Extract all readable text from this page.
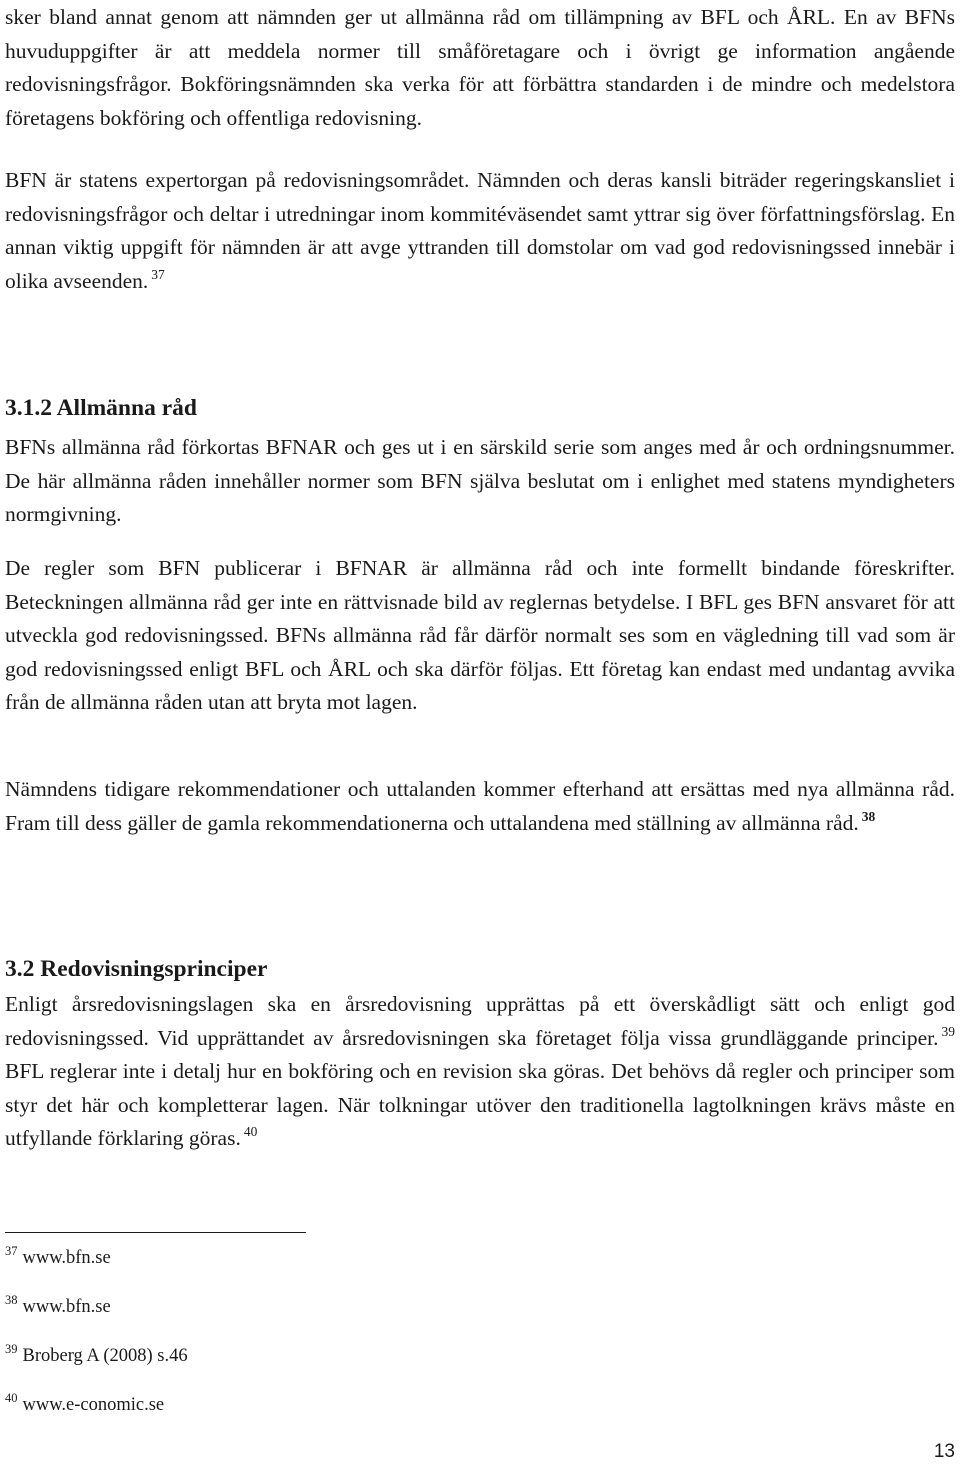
sker bland annat genom att nämnden ger ut allmänna råd om tillämpning av BFL och ÅRL. En av BFNs huvuduppgifter är att meddela normer till småföretagare och i övrigt ge information angående redovisningsfrågor. Bokföringsnämnden ska verka för att förbättra standarden i de mindre och medelstora företagens bokföring och offentliga redovisning.

BFN är statens expertorgan på redovisningsområdet. Nämnden och deras kansli biträder regeringskansliet i redovisningsfrågor och deltar i utredningar inom kommitéväsendet samt yttrar sig över författningsförslag. En annan viktig uppgift för nämnden är att avge yttranden till domstolar om vad god redovisningssed innebär i olika avseenden. $^{37}$

3.1.2 Allmänna råd

BFNs allmänna råd förkortas BFNAR och ges ut i en särskild serie som anges med år och ordningsnummer. De här allmänna råden innehåller normer som BFN själva beslutat om i enlighet med statens myndigheters normgivning.

De regler som BFN publicerar i BFNAR är allmänna råd och inte formellt bindande föreskrifter. Beteckningen allmänna råd ger inte en rättvisnade bild av reglernas betydelse. I BFL ges BFN ansvaret för att utveckla god redovisningssed. BFNs allmänna råd får därför normalt ses som en vägledning till vad som är god redovisningssed enligt BFL och ÅRL och ska därför följas. Ett företag kan endast med undantag avvika från de allmänna råden utan att bryta mot lagen.

Nämndens tidigare rekommendationer och uttalanden kommer efterhand att ersättas med nya allmänna råd. Fram till dess gäller de gamla rekommendationerna och uttalandena med ställning av allmänna råd. $^{38}$

3.2 Redovisningsprinciper

Enligt årsredovisningslagen ska en årsredovisning upprättas på ett överskådligt sätt och enligt god redovisningssed. Vid upprättandet av årsredovisningen ska företaget följa vissa grundläggande principer. $^{39}$ BFL reglerar inte i detalj hur en bokföring och en revision ska göras. Det behövs då regler och principer som styr det här och kompletterar lagen. När tolkningar utöver den traditionella lagtolkningen krävs måste en utfyllande förklaring göras. $^{40}$

$^{37}$ www.bfn.se
$^{38}$ www.bfn.se
$^{39}$ Broberg A (2008) s.46
$^{40}$ www.e-conomic.se
13
